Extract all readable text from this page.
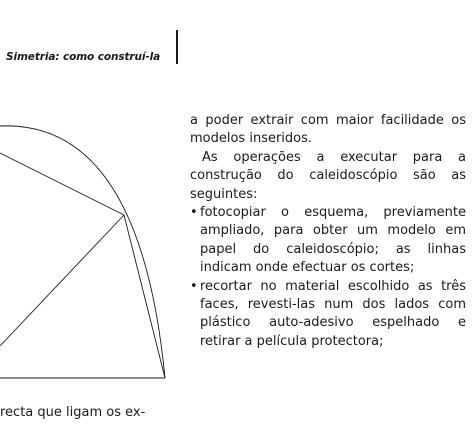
Simetria: como construí-la
recta que ligam os ex-

a poder extrair com maior facilidade os modelos inseridos.

As operações a executar para a construção do caleidoscópio são as seguintes:

• fotocopiar o esquema, previamente ampliado, para obter um modelo em papel do caleidoscópio; as linhas indicam onde efectuar os cortes;
• recortar no material escolhido as três faces, revesti-las num dos lados com plástico auto-adesivo espelhado e retirar a película protectora;
